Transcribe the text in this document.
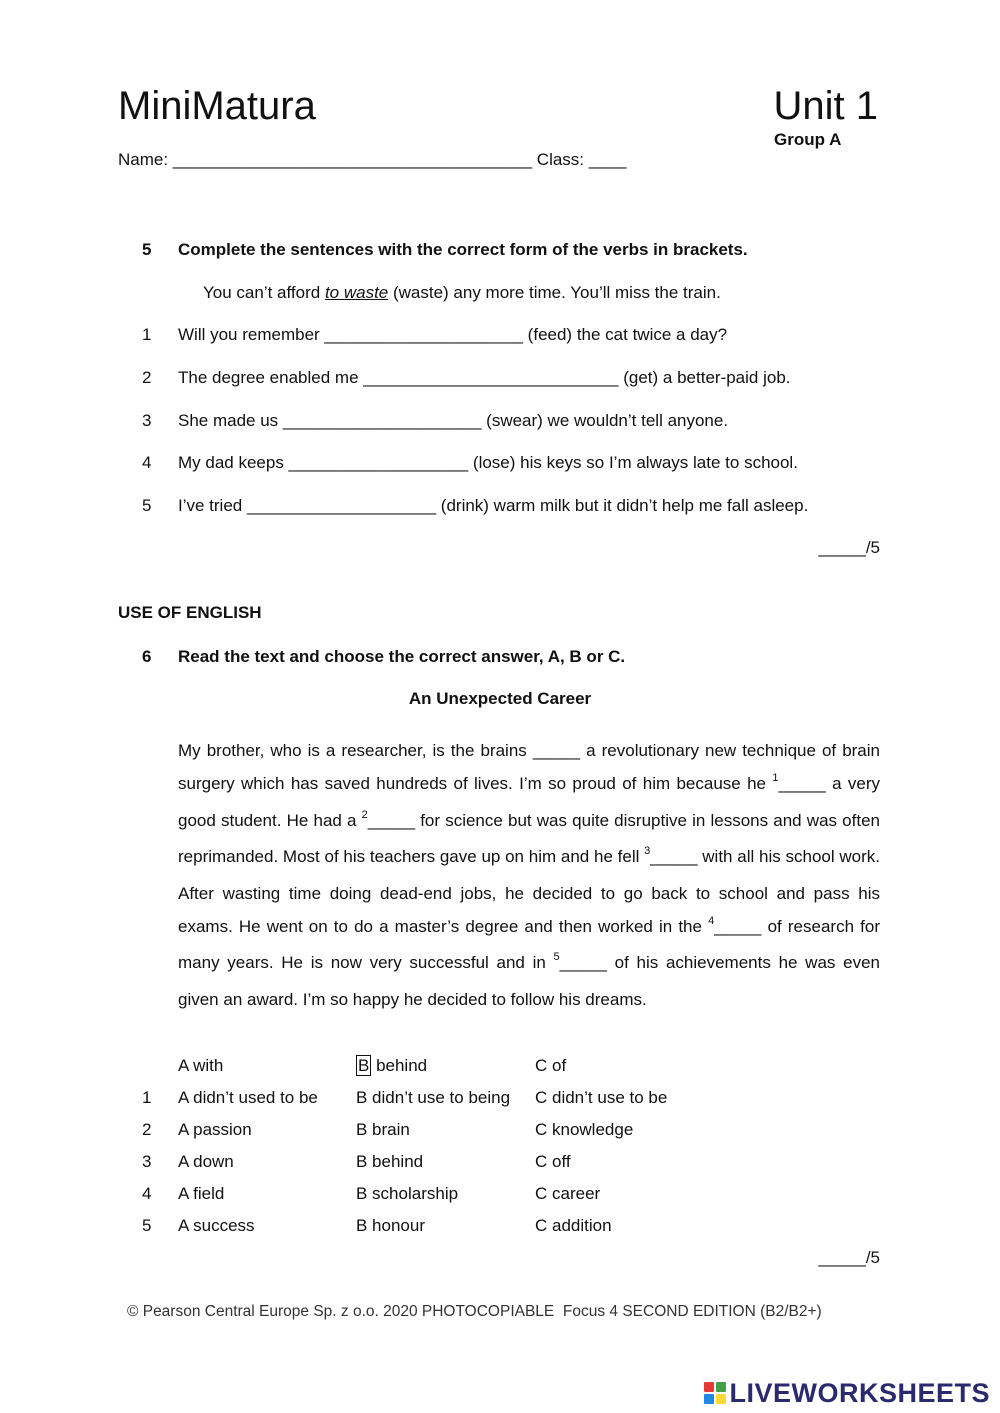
MiniMatura	Unit 1
Group A
Name: ______________________________________ Class: ____
5 Complete the sentences with the correct form of the verbs in brackets.
You can’t afford to waste (waste) any more time. You’ll miss the train.
1 Will you remember _____________________ (feed) the cat twice a day?
2 The degree enabled me ___________________________ (get) a better-paid job.
3 She made us _____________________ (swear) we wouldn’t tell anyone.
4 My dad keeps ___________________ (lose) his keys so I’m always late to school.
5 I’ve tried ____________________ (drink) warm milk but it didn’t help me fall asleep.
_____/5
USE OF ENGLISH
6 Read the text and choose the correct answer, A, B or C.
An Unexpected Career
My brother, who is a researcher, is the brains _____ a revolutionary new technique of brain surgery which has saved hundreds of lives. I’m so proud of him because he $^1$_____ a very good student. He had a $^2$_____ for science but was quite disruptive in lessons and was often reprimanded. Most of his teachers gave up on him and he fell $^3$_____ with all his school work. After wasting time doing dead-end jobs, he decided to go back to school and pass his exams. He went on to do a master’s degree and then worked in the $^4$_____ of research for many years. He is now very successful and in $^5$_____ of his achievements he was even given an award. I’m so happy he decided to follow his dreams.
A with	B behind	C of
1 A didn’t used to be B didn’t use to being C didn’t use to be
2 A passion	B brain	C knowledge
3 A down	B behind	C off
4 A field	B scholarship	C career
5 A success	B honour	C addition
_____/5
© Pearson Central Europe Sp. z o.o. 2020 PHOTOCOPIABLE  Focus 4 SECOND EDITION (B2/B2+)
LIVEWORKSHEETS
